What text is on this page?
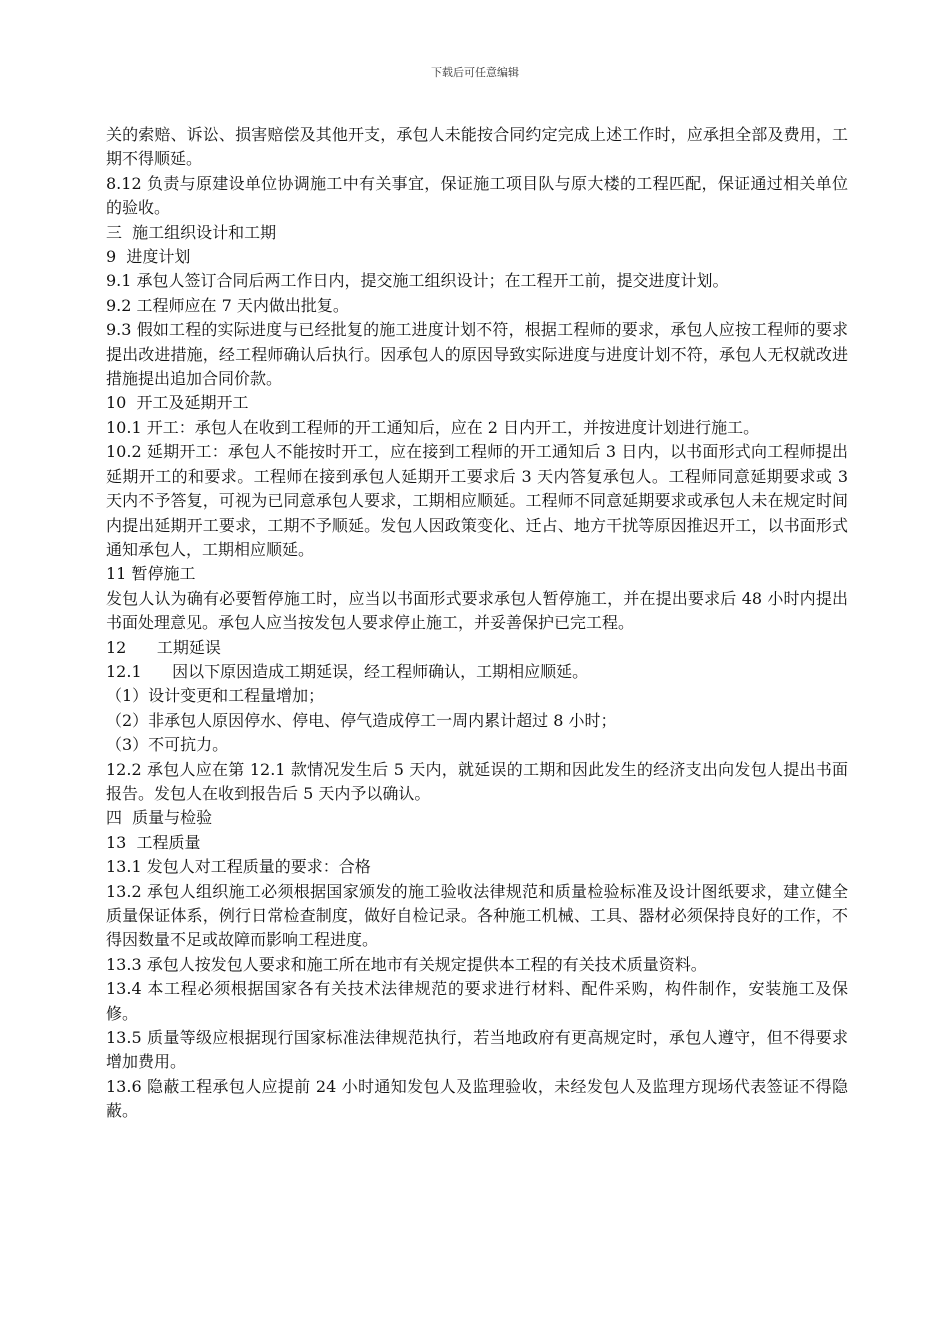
下载后可任意编辑

关的索赔、诉讼、损害赔偿及其他开支，承包人未能按合同约定完成上述工作时，应承担全部及费用，工期不得顺延。

8.12 负责与原建设单位协调施工中有关事宜，保证施工项目队与原大楼的工程匹配，保证通过相关单位的验收。

三  施工组织设计和工期

9  进度计划

9.1 承包人签订合同后两工作日内，提交施工组织设计；在工程开工前，提交进度计划。

9.2 工程师应在 7 天内做出批复。

9.3 假如工程的实际进度与已经批复的施工进度计划不符，根据工程师的要求，承包人应按工程师的要求提出改进措施，经工程师确认后执行。因承包人的原因导致实际进度与进度计划不符，承包人无权就改进措施提出追加合同价款。

10  开工及延期开工

10.1 开工：承包人在收到工程师的开工通知后，应在 2 日内开工，并按进度计划进行施工。

10.2 延期开工：承包人不能按时开工，应在接到工程师的开工通知后 3 日内，以书面形式向工程师提出延期开工的和要求。工程师在接到承包人延期开工要求后 3 天内答复承包人。工程师同意延期要求或 3 天内不予答复，可视为已同意承包人要求，工期相应顺延。工程师不同意延期要求或承包人未在规定时间内提出延期开工要求，工期不予顺延。发包人因政策变化、迁占、地方干扰等原因推迟开工，以书面形式通知承包人，工期相应顺延。

11 暂停施工

发包人认为确有必要暂停施工时，应当以书面形式要求承包人暂停施工，并在提出要求后 48 小时内提出书面处理意见。承包人应当按发包人要求停止施工，并妥善保护已完工程。

12      工期延误

12.1      因以下原因造成工期延误，经工程师确认，工期相应顺延。

（1）设计变更和工程量增加；

（2）非承包人原因停水、停电、停气造成停工一周内累计超过 8 小时；

（3）不可抗力。

12.2 承包人应在第 12.1 款情况发生后 5 天内，就延误的工期和因此发生的经济支出向发包人提出书面报告。发包人在收到报告后 5 天内予以确认。

四  质量与检验

13  工程质量

13.1 发包人对工程质量的要求：合格

13.2 承包人组织施工必须根据国家颁发的施工验收法律规范和质量检验标准及设计图纸要求，建立健全质量保证体系，例行日常检查制度，做好自检记录。各种施工机械、工具、器材必须保持良好的工作，不得因数量不足或故障而影响工程进度。

13.3 承包人按发包人要求和施工所在地市有关规定提供本工程的有关技术质量资料。

13.4 本工程必须根据国家各有关技术法律规范的要求进行材料、配件采购，构件制作，安装施工及保修。

13.5 质量等级应根据现行国家标准法律规范执行，若当地政府有更高规定时，承包人遵守，但不得要求增加费用。

13.6 隐蔽工程承包人应提前 24 小时通知发包人及监理验收，未经发包人及监理方现场代表签证不得隐蔽。
